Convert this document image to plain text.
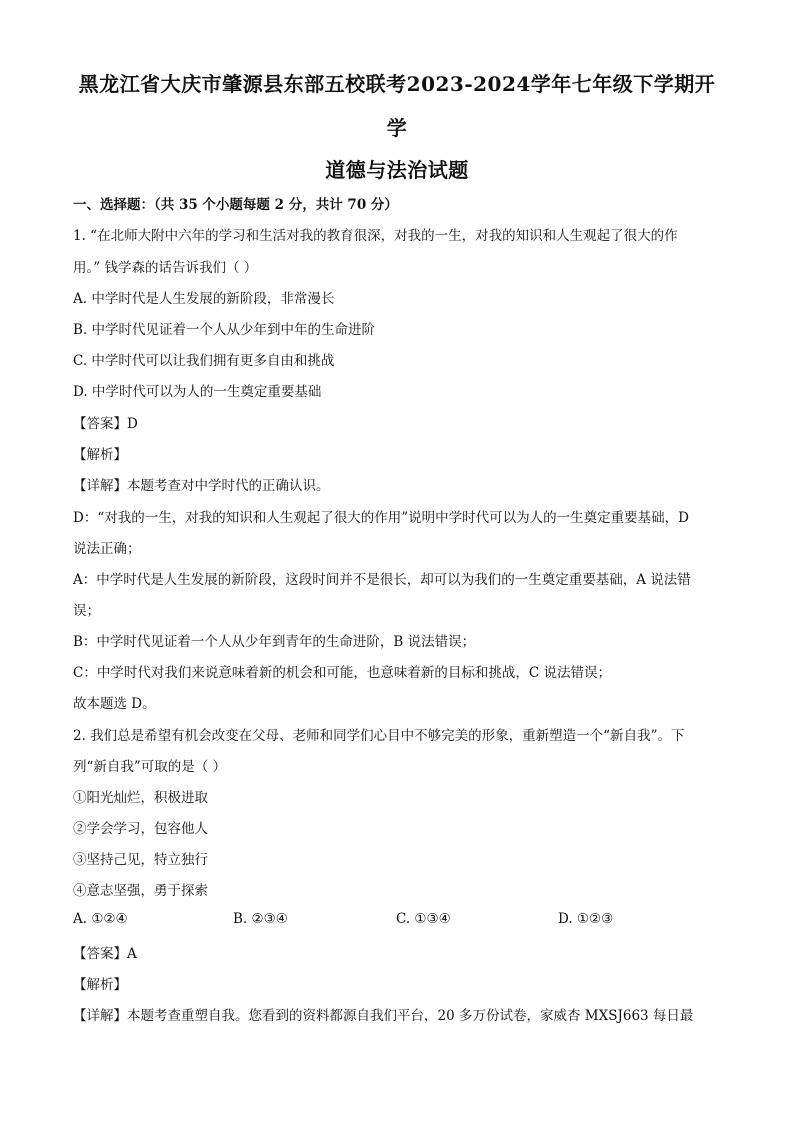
黑龙江省大庆市肇源县东部五校联考2023-2024学年七年级下学期开
学
道德与法治试题
一、选择题：（共 35 个小题每题 2 分，共计 70 分）
1. “在北师大附中六年的学习和生活对我的教育很深，对我的一生，对我的知识和人生观起了很大的作
用。” 钱学森的话告诉我们（ ）
A. 中学时代是人生发展的新阶段，非常漫长
B. 中学时代见证着一个人从少年到中年的生命进阶
C. 中学时代可以让我们拥有更多自由和挑战
D. 中学时代可以为人的一生奠定重要基础
【答案】D
【解析】
【详解】本题考查对中学时代的正确认识。
D：“对我的一生，对我的知识和人生观起了很大的作用”说明中学时代可以为人的一生奠定重要基础，D
说法正确；
A：中学时代是人生发展的新阶段，这段时间并不是很长，却可以为我们的一生奠定重要基础，A 说法错
误；
B：中学时代见证着一个人从少年到青年的生命进阶，B 说法错误；
C：中学时代对我们来说意味着新的机会和可能，也意味着新的目标和挑战，C 说法错误；
故本题选 D。
2. 我们总是希望有机会改变在父母、老师和同学们心目中不够完美的形象，重新塑造一个“新自我”。下
列“新自我”可取的是（ ）
①阳光灿烂，积极进取
②学会学习，包容他人
③坚持己见，特立独行
④意志坚强，勇于探索
A. ①②④	B. ②③④	C. ①③④	D. ①②③
【答案】A
【解析】
【详解】本题考查重塑自我。您看到的资料都源自我们平台，20 多万份试卷，家威杏 MXSJ663 每日最
